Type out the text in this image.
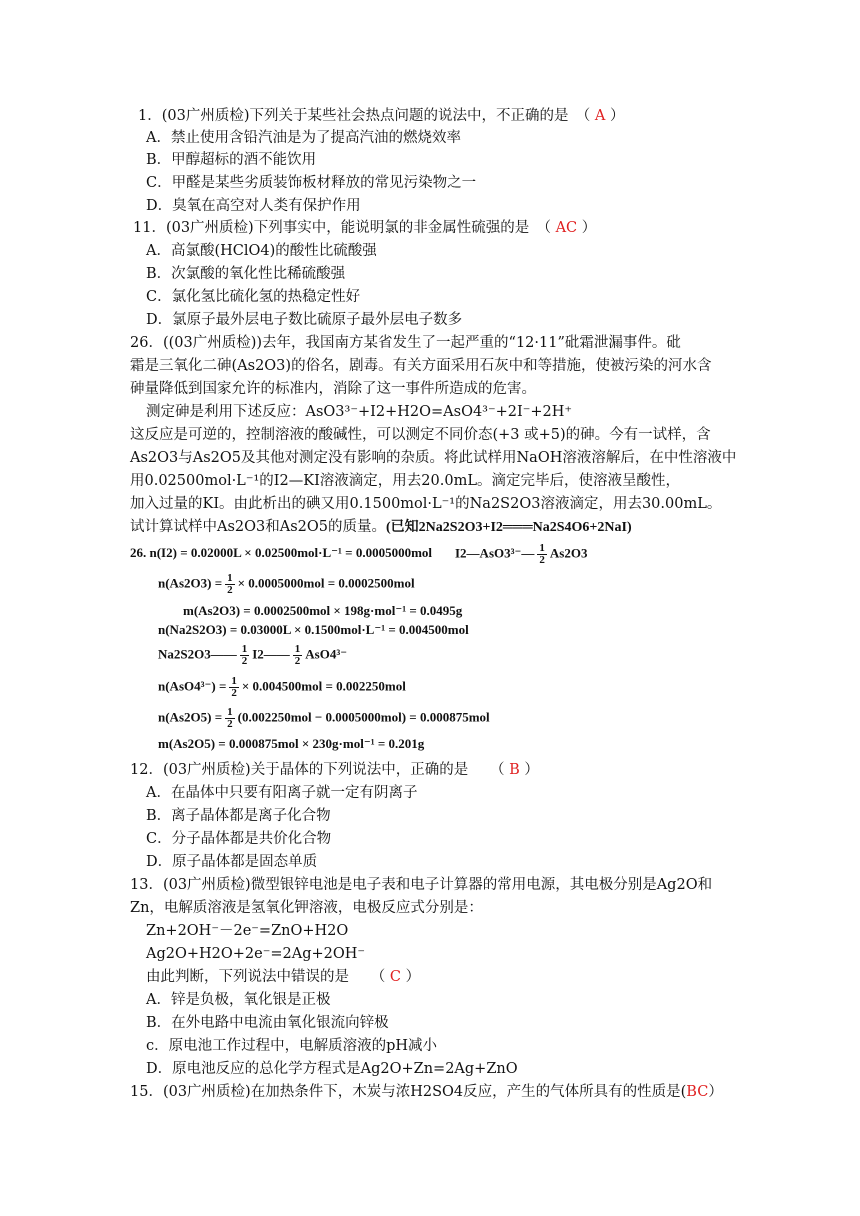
1．(03广州质检)下列关于某些社会热点问题的说法中，不正确的是　（ A ）
A．禁止使用含铅汽油是为了提高汽油的燃烧效率
B．甲醇超标的酒不能饮用
C．甲醛是某些劣质装饰板材释放的常见污染物之一
D．臭氧在高空对人类有保护作用
11．(03广州质检)下列事实中，能说明氯的非金属性硫强的是　（ AC ）
A．高氯酸(HClO4)的酸性比硫酸强
B．次氯酸的氧化性比稀硫酸强
C．氯化氢比硫化氢的热稳定性好
D．氯原子最外层电子数比硫原子最外层电子数多
26．((03广州质检))去年，我国南方某省发生了一起严重的“12·11”砒霜泄漏事件。砒
霜是三氧化二砷(As2O3)的俗名，剧毒。有关方面采用石灰中和等措施，使被污染的河水含
砷量降低到国家允许的标准内，消除了这一事件所造成的危害。
测定砷是利用下述反应：AsO3³⁻+I2+H2O=AsO4³⁻+2I⁻+2H⁺
这反应是可逆的，控制溶液的酸碱性，可以测定不同价态(+3 或+5)的砷。今有一试样，含
As2O3与As2O5及其他对测定没有影响的杂质。将此试样用NaOH溶液溶解后，在中性溶液中
用0.02500mol·L⁻¹的I2—KI溶液滴定，用去20.0mL。滴定完毕后，使溶液呈酸性，
加入过量的KI。由此析出的碘又用0.1500mol·L⁻¹的Na2S2O3溶液滴定，用去30.00mL。
试计算试样中As2O3和As2O5的质量。(已知2Na2S2O3+I2═══Na2S4O6+2NaI)
26. n(I2) = 0.02000L × 0.02500mol·L⁻¹ = 0.0005000mol I2—AsO3³⁻— $\frac{1}{2} As2O3$
$n(As2O3) = \frac{1}{2} \times 0.0005000mol = 0.0002500mol$
m(As2O3) = 0.0002500mol × 198g·mol⁻¹ = 0.0495g
n(Na2S2O3) = 0.03000L × 0.1500mol·L⁻¹ = 0.004500mol
Na2S2O3—— $\frac{1}{2}$ I2—— $\frac{1}{2} AsO4^{3-}$
$n(AsO4^{3-}) = \frac{1}{2} \times 0.004500mol = 0.002250mol$
$n(As2O5) = \frac{1}{2} (0.002250mol - 0.0005000mol) = 0.000875mol$
m(As2O5) = 0.000875mol × 230g·mol⁻¹ = 0.201g
12．(03广州质检)关于晶体的下列说法中，正确的是　　（ B ）
A．在晶体中只要有阳离子就一定有阴离子
B．离子晶体都是离子化合物
C．分子晶体都是共价化合物
D．原子晶体都是固态单质
13．(03广州质检)微型银锌电池是电子表和电子计算器的常用电源，其电极分别是Ag2O和
Zn，电解质溶液是氢氧化钾溶液，电极反应式分别是：
Zn+2OH⁻－2e⁻=ZnO+H2O
Ag2O+H2O+2e⁻=2Ag+2OH⁻
由此判断，下列说法中错误的是　　（ C ）
A．锌是负极，氧化银是正极
B．在外电路中电流由氧化银流向锌极
c．原电池工作过程中，电解质溶液的pH减小
D．原电池反应的总化学方程式是Ag2O+Zn=2Ag+ZnO
15．(03广州质检)在加热条件下，木炭与浓H2SO4反应，产生的气体所具有的性质是(BC）
